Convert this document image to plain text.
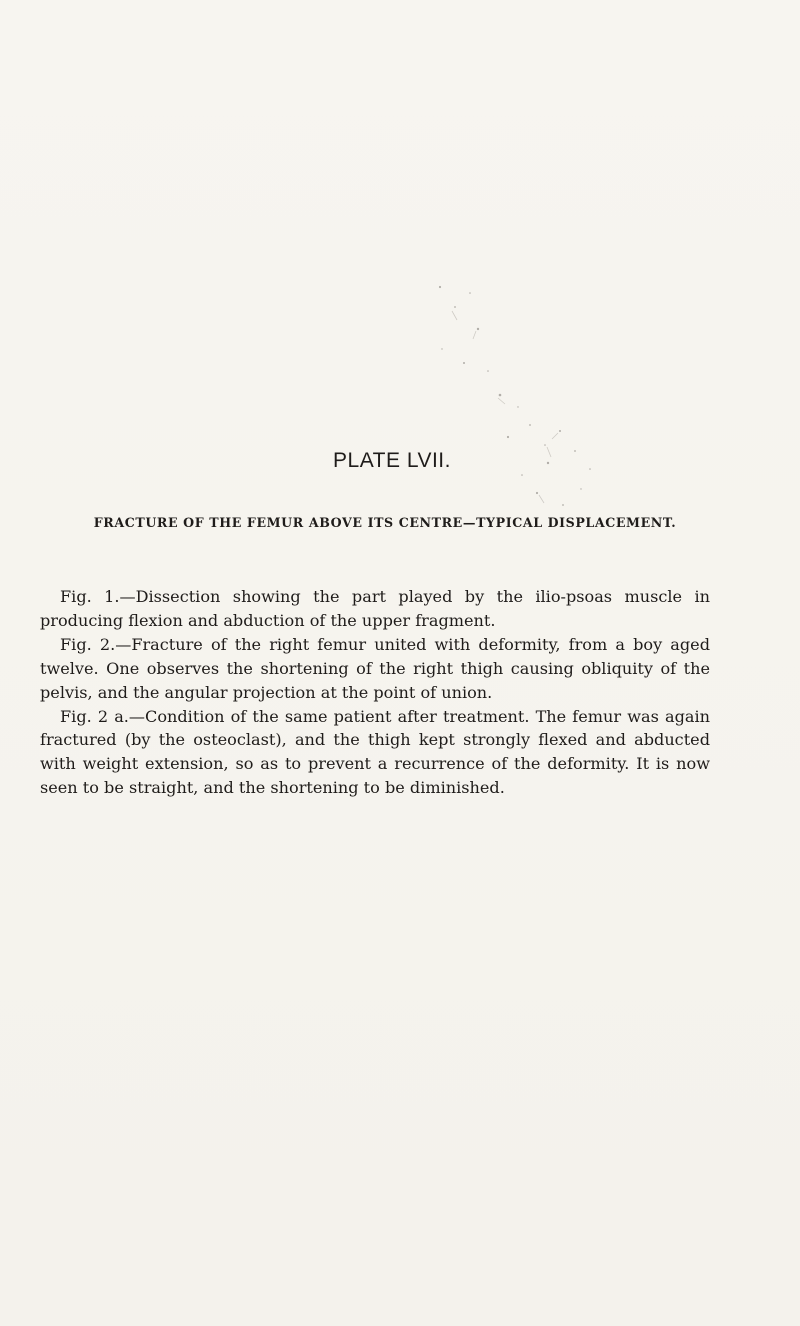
PLATE LVII.
FRACTURE OF THE FEMUR ABOVE ITS CENTRE—TYPICAL DISPLACEMENT.

Fig. 1.—Dissection showing the part played by the ilio-psoas muscle in producing flexion and abduction of the upper fragment.

Fig. 2.—Fracture of the right femur united with deformity, from a boy aged twelve. One observes the shortening of the right thigh causing obliquity of the pelvis, and the angular projection at the point of union.

Fig. 2 a.—Condition of the same patient after treatment. The femur was again fractured (by the osteoclast), and the thigh kept strongly flexed and abducted with weight extension, so as to prevent a recurrence of the deformity. It is now seen to be straight, and the shortening to be diminished.
